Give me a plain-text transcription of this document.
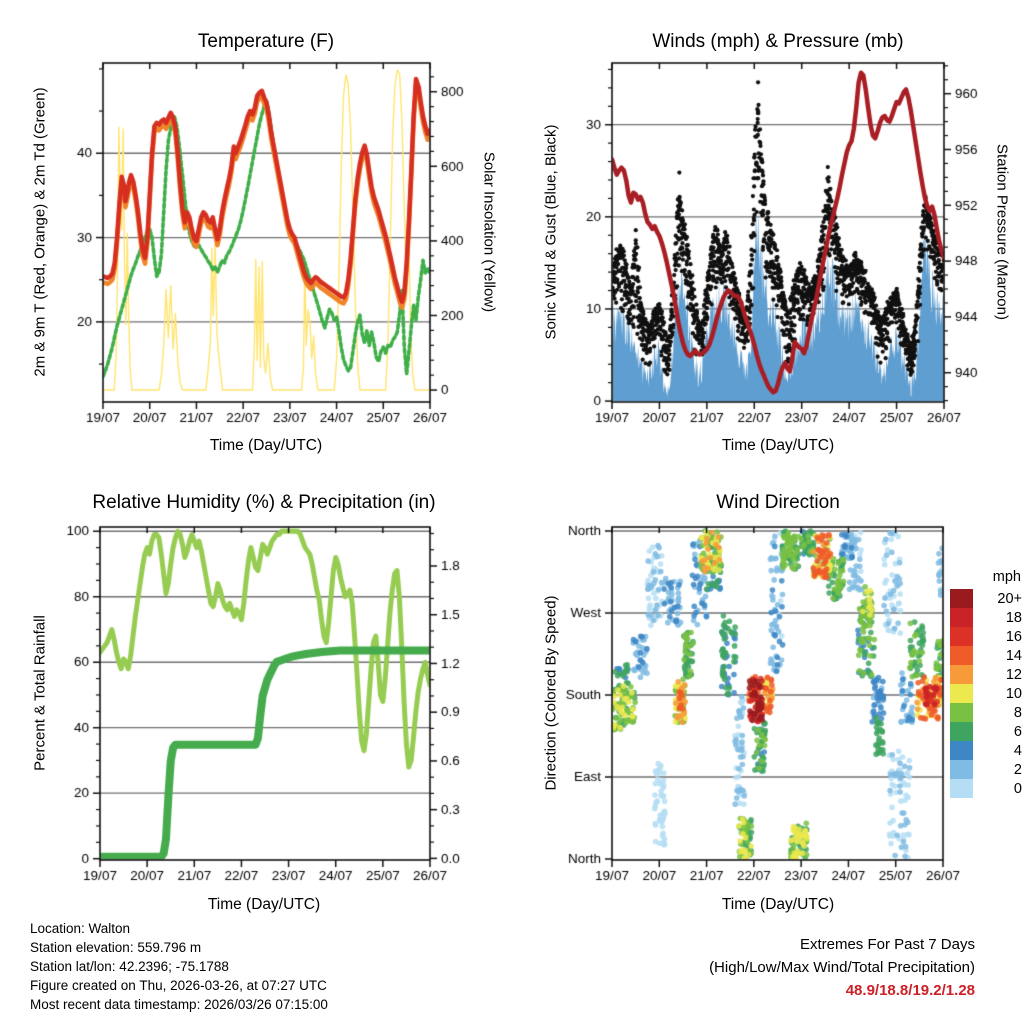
Temperature (F)	Winds (mph) & Pressure (mb)
Relative Humidity (%) & Precipitation (in)	Wind Direction
Time (Day/UTC)	Time (Day/UTC)
Time (Day/UTC)	Time (Day/UTC)
2m & 9m T (Red, Orange) & 2m Td (Green)	Solar Insolation (Yellow)	Sonic Wind & Gust (Blue, Black)	Station Pressure (Maroon)
Percent & Total Rainfall	Direction (Colored By Speed)
mph
20+
18
16
14
12
10
8
6
4
2
0
Location: Walton
Station elevation: 559.796 m
Station lat/lon: 42.2396; -75.1788
Figure created on Thu, 2026-03-26, at 07:27 UTC
Most recent data timestamp: 2026/03/26 07:15:00
Extremes For Past 7 Days
(High/Low/Max Wind/Total Precipitation)
48.9/18.8/19.2/1.28
